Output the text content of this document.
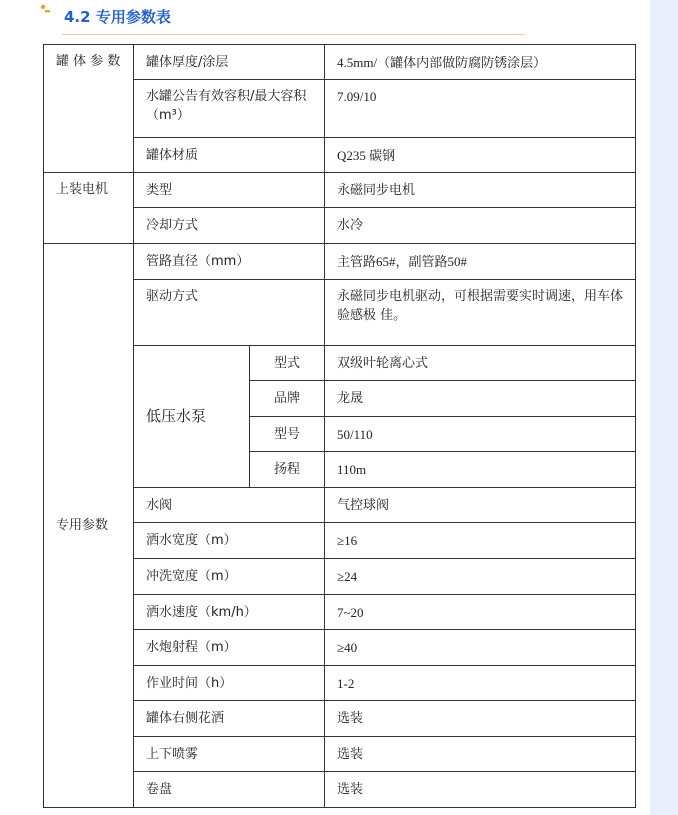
4.2 专用参数表
罐 体 参 数	罐体厚度/涂层		4.5mm/（罐体内部做防腐防锈涂层）
	水罐公告有效容积/最大容积（m³）		7.09/10
	罐体材质		Q235 碳钢
上装电机	类型		永磁同步电机
	冷却方式		水冷
专用参数	管路直径（mm）		主管路65#，副管路50#
	驱动方式		永磁同步电机驱动，可根据需要实时调速，用车体验感极 佳。
	低压水泵	型式	双级叶轮离心式
		品牌	龙晟
		型号	50/110
		扬程	110m
	水阀		气控球阀
	洒水宽度（m）		≥16
	冲洗宽度（m）		≥24
	洒水速度（km/h）		7~20
	水炮射程（m）		≥40
	作业时间（h）		1-2
	罐体右侧花洒		选装
	上下喷雾		选装
	卷盘		选装
